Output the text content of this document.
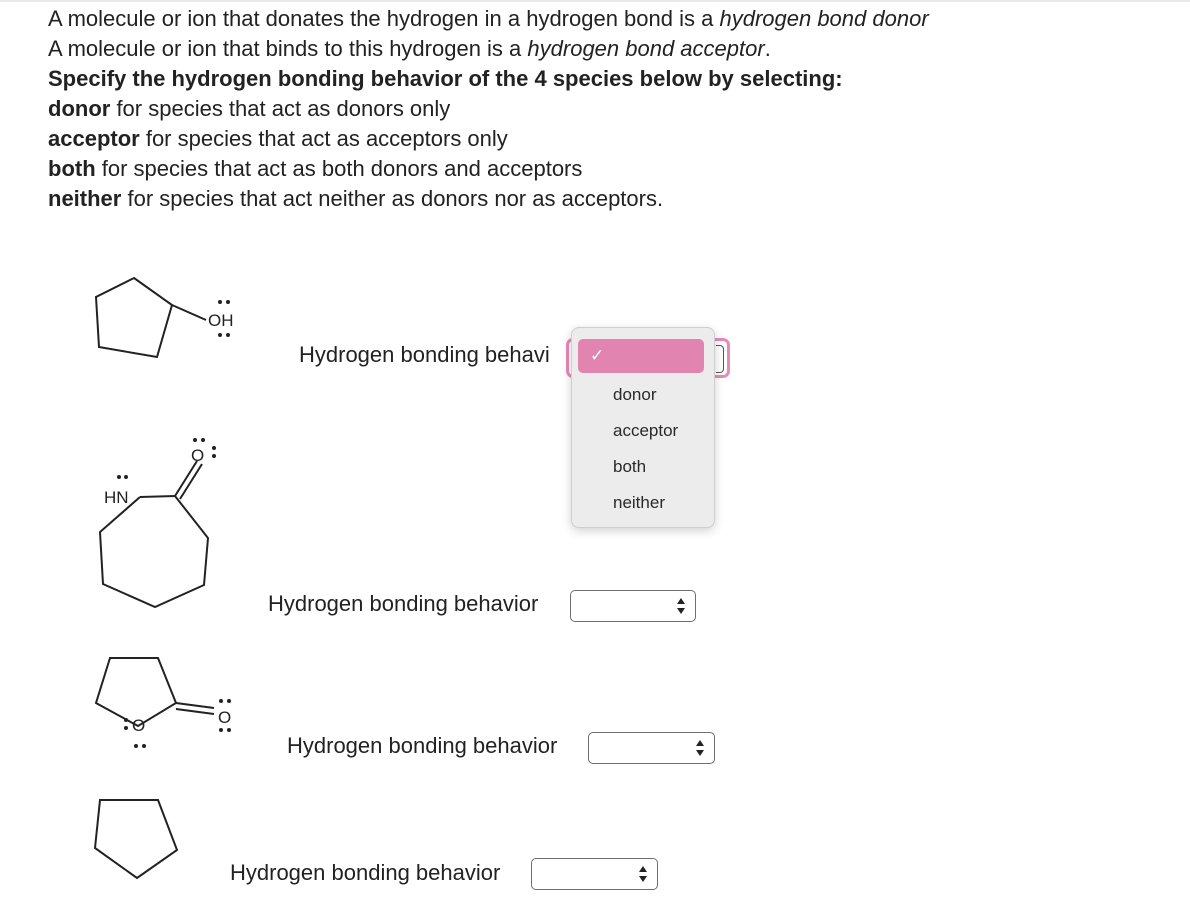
A molecule or ion that donates the hydrogen in a hydrogen bond is a hydrogen bond donor
A molecule or ion that binds to this hydrogen is a hydrogen bond acceptor.
Specify the hydrogen bonding behavior of the 4 species below by selecting:
donor for species that act as donors only
acceptor for species that act as acceptors only
both for species that act as both donors and acceptors
neither for species that act neither as donors nor as acceptors.
OH
O
HN
O
O
Hydrogen bonding behavi ✓
donor
acceptor
both
neither
Hydrogen bonding behavior
Hydrogen bonding behavior
Hydrogen bonding behavior
